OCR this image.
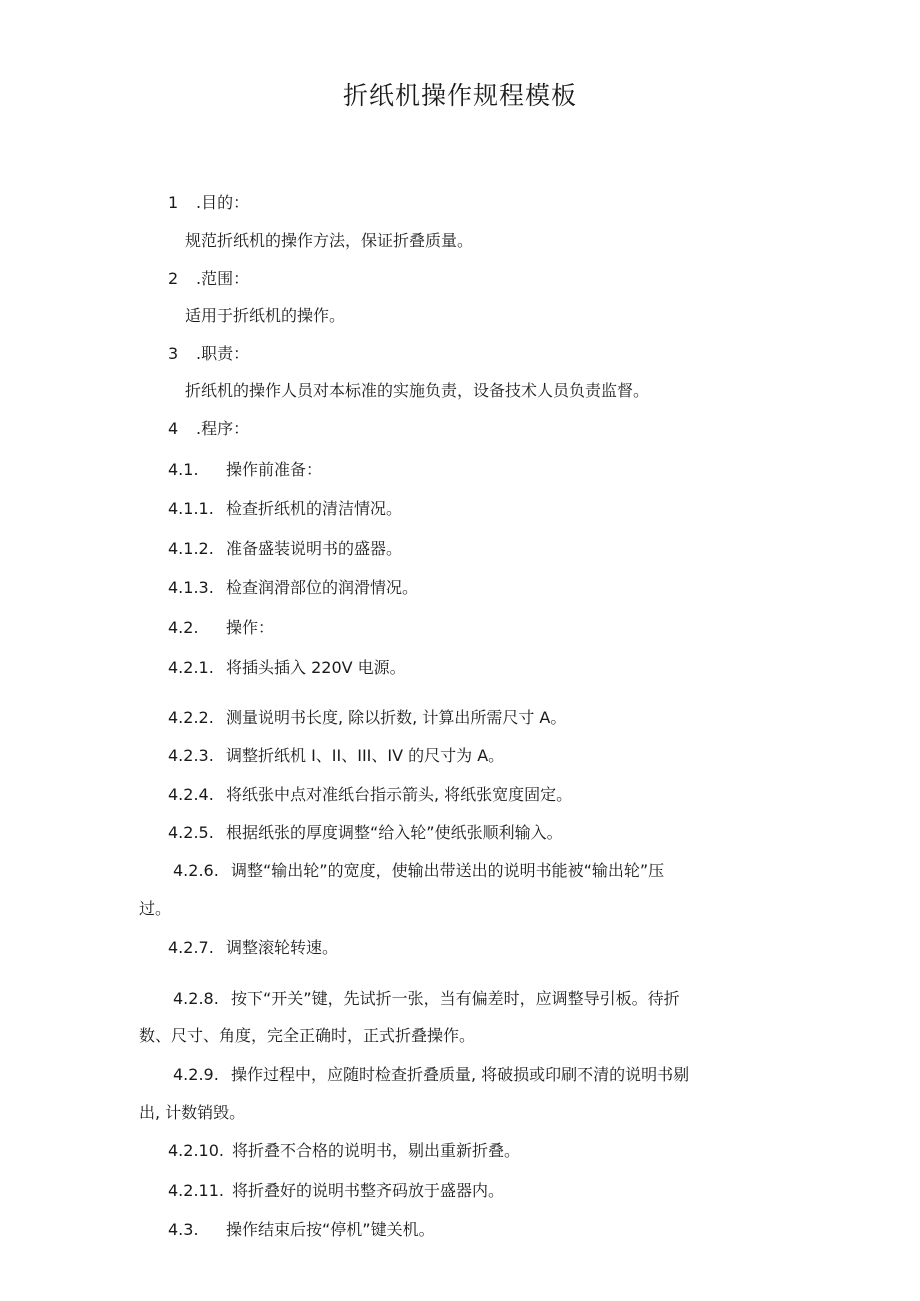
折纸机操作规程模板
1 .目的：
规范折纸机的操作方法，保证折叠质量。
2 .范围：
适用于折纸机的操作。
3 .职责：
折纸机的操作人员对本标准的实施负责，设备技术人员负责监督。
4 .程序：
4.1. 操作前准备：
4.1.1. 检查折纸机的清洁情况。
4.1.2. 准备盛装说明书的盛器。
4.1.3. 检查润滑部位的润滑情况。
4.2. 操作：
4.2.1. 将插头插入 220V 电源。
4.2.2. 测量说明书长度, 除以折数, 计算出所需尺寸 A。
4.2.3. 调整折纸机 I、II、III、IV 的尺寸为 A。
4.2.4. 将纸张中点对准纸台指示箭头, 将纸张宽度固定。
4.2.5. 根据纸张的厚度调整“给入轮”使纸张顺利输入。
4.2.6. 调整“输出轮”的宽度，使输出带送出的说明书能被“输出轮”压
过。
4.2.7. 调整滚轮转速。
4.2.8. 按下“开关”键，先试折一张，当有偏差时，应调整导引板。待折
数、尺寸、角度，完全正确时，正式折叠操作。
4.2.9. 操作过程中，应随时检查折叠质量, 将破损或印刷不清的说明书剔
出, 计数销毁。
4.2.10. 将折叠不合格的说明书，剔出重新折叠。
4.2.11. 将折叠好的说明书整齐码放于盛器内。
4.3. 操作结束后按“停机”键关机。
